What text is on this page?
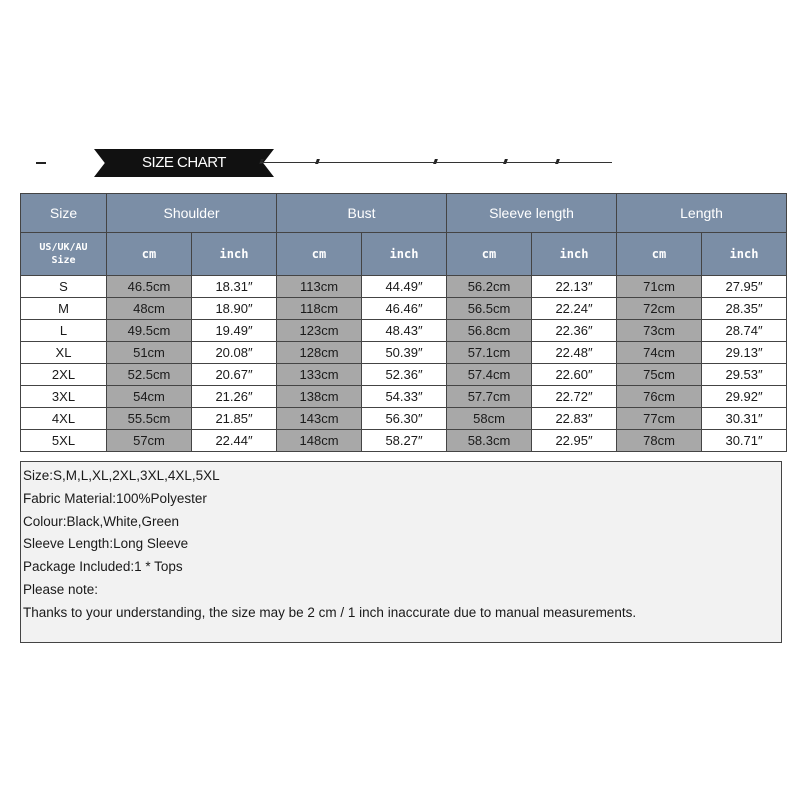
SIZE CHART
Size	Shoulder		Bust		Sleeve length		Length	
US/UK/AU
Size	cm	inch	cm	inch	cm	inch	cm	inch
S	46.5cm	18.31″	113cm	44.49″	56.2cm	22.13″	71cm	27.95″
M	48cm	18.90″	118cm	46.46″	56.5cm	22.24″	72cm	28.35″
L	49.5cm	19.49″	123cm	48.43″	56.8cm	22.36″	73cm	28.74″
XL	51cm	20.08″	128cm	50.39″	57.1cm	22.48″	74cm	29.13″
2XL	52.5cm	20.67″	133cm	52.36″	57.4cm	22.60″	75cm	29.53″
3XL	54cm	21.26″	138cm	54.33″	57.7cm	22.72″	76cm	29.92″
4XL	55.5cm	21.85″	143cm	56.30″	58cm	22.83″	77cm	30.31″
5XL	57cm	22.44″	148cm	58.27″	58.3cm	22.95″	78cm	30.71″
Size:S,M,L,XL,2XL,3XL,4XL,5XL
Fabric Material:100%Polyester
Colour:Black,White,Green
Sleeve Length:Long Sleeve
Package Included:1 * Tops
Please note:
Thanks to your understanding, the size may be 2 cm / 1 inch inaccurate due to manual measurements.
